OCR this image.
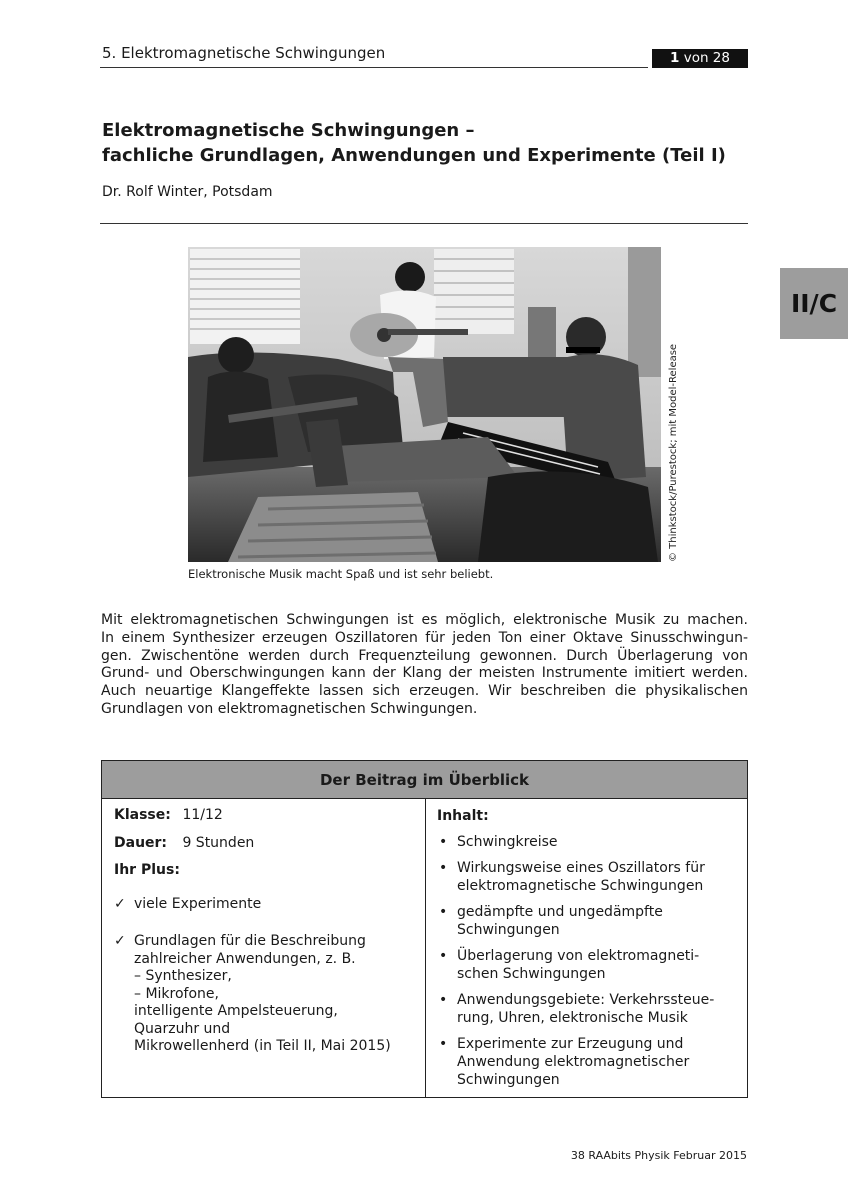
5. Elektromagnetische Schwingungen	1 von 28
II/C
Elektromagnetische Schwingungen –
fachliche Grundlagen, Anwendungen und Experimente (Teil I)
Dr. Rolf Winter, Potsdam
© Thinkstock/Purestock; mit Model-Release
Elektronische Musik macht Spaß und ist sehr beliebt.
Mit elektromagnetischen Schwingungen ist es möglich, elektronische Musik zu machen.
In einem Synthesizer erzeugen Oszillatoren für jeden Ton einer Oktave Sinusschwingun-
gen. Zwischentöne werden durch Frequenzteilung gewonnen. Durch Überlagerung von
Grund- und Oberschwingungen kann der Klang der meisten Instrumente imitiert werden.
Auch neuartige Klangeffekte lassen sich erzeugen. Wir beschreiben die physikalischen
Grundlagen von elektromagnetischen Schwingungen.
Der Beitrag im Überblick
Klasse: 11/12
Dauer: 9 Stunden
Ihr Plus:
✓ viele Experimente
✓ Grundlagen für die Beschreibung
zahlreicher Anwendungen, z. B.
– Synthesizer,
– Mikrofone,
intelligente Ampelsteuerung,
Quarzuhr und
Mikrowellenherd (in Teil II, Mai 2015)
Inhalt:
• Schwingkreise
• Wirkungsweise eines Oszillators für
elektromagnetische Schwingungen
• gedämpfte und ungedämpfte
Schwingungen
• Überlagerung von elektromagneti-
schen Schwingungen
• Anwendungsgebiete: Verkehrssteue-
rung, Uhren, elektronische Musik
• Experimente zur Erzeugung und
Anwendung elektromagnetischer
Schwingungen
38 RAAbits Physik Februar 2015
